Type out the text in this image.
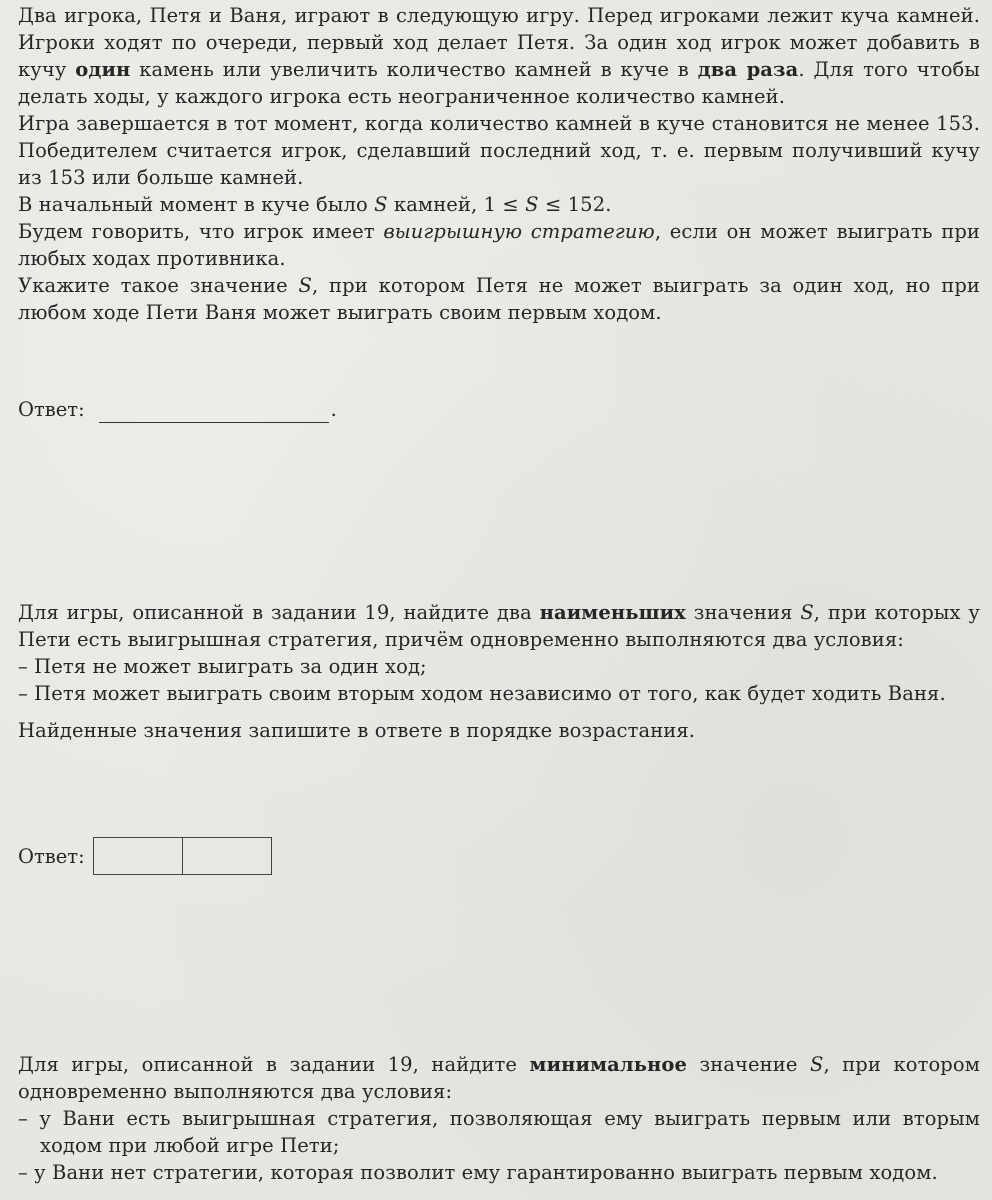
Два игрока, Петя и Ваня, играют в следующую игру. Перед игроками лежит куча камней. Игроки ходят по очереди, первый ход делает Петя. За один ход игрок может добавить в кучу один камень или увеличить количество камней в куче в два раза. Для того чтобы делать ходы, у каждого игрока есть неограниченное количество камней.

Игра завершается в тот момент, когда количество камней в куче становится не менее 153. Победителем считается игрок, сделавший последний ход, т. е. первым получивший кучу из 153 или больше камней.

В начальный момент в куче было S камней, 1 ≤ S ≤ 152.

Будем говорить, что игрок имеет выигрышную стратегию, если он может выиграть при любых ходах противника.

Укажите такое значение S, при котором Петя не может выиграть за один ход, но при любом ходе Пети Ваня может выиграть своим первым ходом.

Ответ:	.

Для игры, описанной в задании 19, найдите два наименьших значения S, при которых у Пети есть выигрышная стратегия, причём одновременно выполняются два условия:

– Петя не может выиграть за один ход;

– Петя может выиграть своим вторым ходом независимо от того, как будет ходить Ваня.

Найденные значения запишите в ответе в порядке возрастания.

Ответ:

Для игры, описанной в задании 19, найдите минимальное значение S, при котором одновременно выполняются два условия:

– у Вани есть выигрышная стратегия, позволяющая ему выиграть первым или вторым ходом при любой игре Пети;

– у Вани нет стратегии, которая позволит ему гарантированно выиграть первым ходом.
